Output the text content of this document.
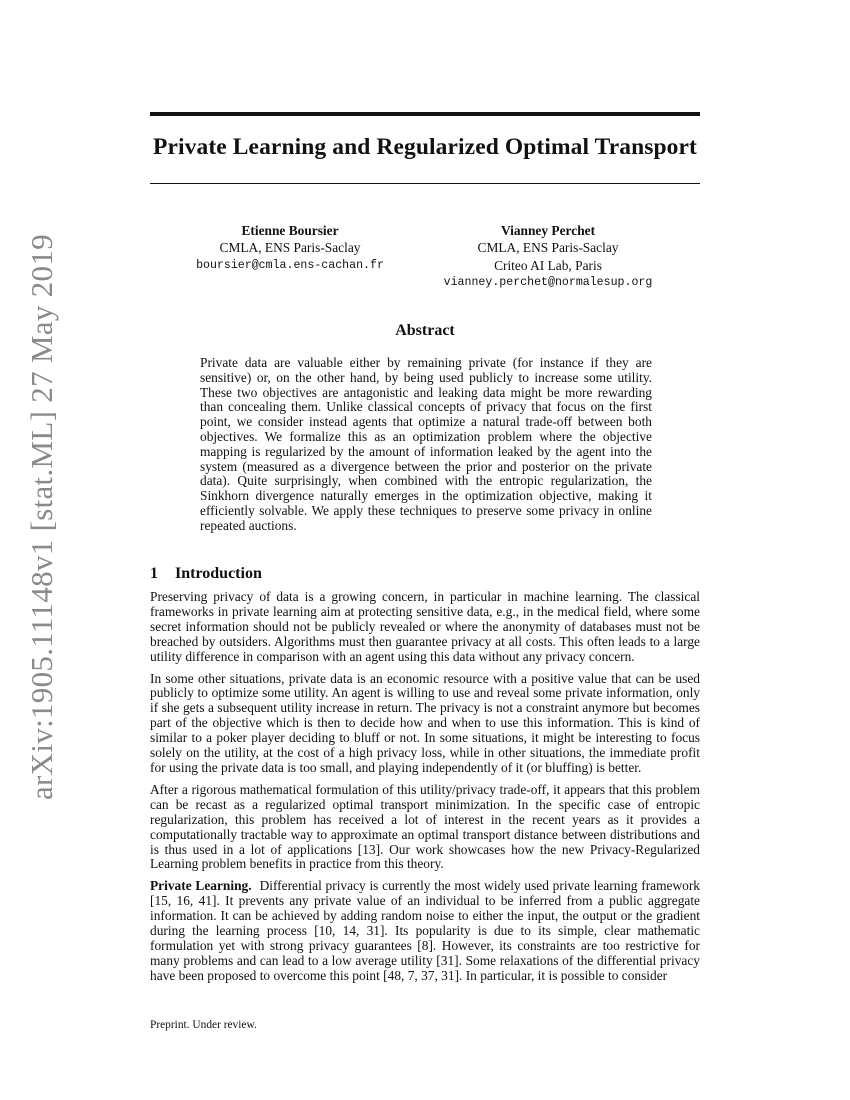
arXiv:1905.11148v1 [stat.ML] 27 May 2019
Private Learning and Regularized Optimal Transport
Etienne Boursier
CMLA, ENS Paris-Saclay
boursier@cmla.ens-cachan.fr
Vianney Perchet
CMLA, ENS Paris-Saclay
Criteo AI Lab, Paris
vianney.perchet@normalesup.org
Abstract
Private data are valuable either by remaining private (for instance if they are sensitive) or, on the other hand, by being used publicly to increase some utility. These two objectives are antagonistic and leaking data might be more rewarding than concealing them. Unlike classical concepts of privacy that focus on the first point, we consider instead agents that optimize a natural trade-off between both objectives. We formalize this as an optimization problem where the objective mapping is regularized by the amount of information leaked by the agent into the system (measured as a divergence between the prior and posterior on the private data). Quite surprisingly, when combined with the entropic regularization, the Sinkhorn divergence naturally emerges in the optimization objective, making it efficiently solvable. We apply these techniques to preserve some privacy in online repeated auctions.
1 Introduction

Preserving privacy of data is a growing concern, in particular in machine learning. The classical frameworks in private learning aim at protecting sensitive data, e.g., in the medical field, where some secret information should not be publicly revealed or where the anonymity of databases must not be breached by outsiders. Algorithms must then guarantee privacy at all costs. This often leads to a large utility difference in comparison with an agent using this data without any privacy concern.

In some other situations, private data is an economic resource with a positive value that can be used publicly to optimize some utility. An agent is willing to use and reveal some private information, only if she gets a subsequent utility increase in return. The privacy is not a constraint anymore but becomes part of the objective which is then to decide how and when to use this information. This is kind of similar to a poker player deciding to bluff or not. In some situations, it might be interesting to focus solely on the utility, at the cost of a high privacy loss, while in other situations, the immediate profit for using the private data is too small, and playing independently of it (or bluffing) is better.

After a rigorous mathematical formulation of this utility/privacy trade-off, it appears that this problem can be recast as a regularized optimal transport minimization. In the specific case of entropic regularization, this problem has received a lot of interest in the recent years as it provides a computationally tractable way to approximate an optimal transport distance between distributions and is thus used in a lot of applications [13]. Our work showcases how the new Privacy-Regularized Learning problem benefits in practice from this theory.

Private Learning. Differential privacy is currently the most widely used private learning framework [15, 16, 41]. It prevents any private value of an individual to be inferred from a public aggregate information. It can be achieved by adding random noise to either the input, the output or the gradient during the learning process [10, 14, 31]. Its popularity is due to its simple, clear mathematic formulation yet with strong privacy guarantees [8]. However, its constraints are too restrictive for many problems and can lead to a low average utility [31]. Some relaxations of the differential privacy have been proposed to overcome this point [48, 7, 37, 31]. In particular, it is possible to consider

Preprint. Under review.
